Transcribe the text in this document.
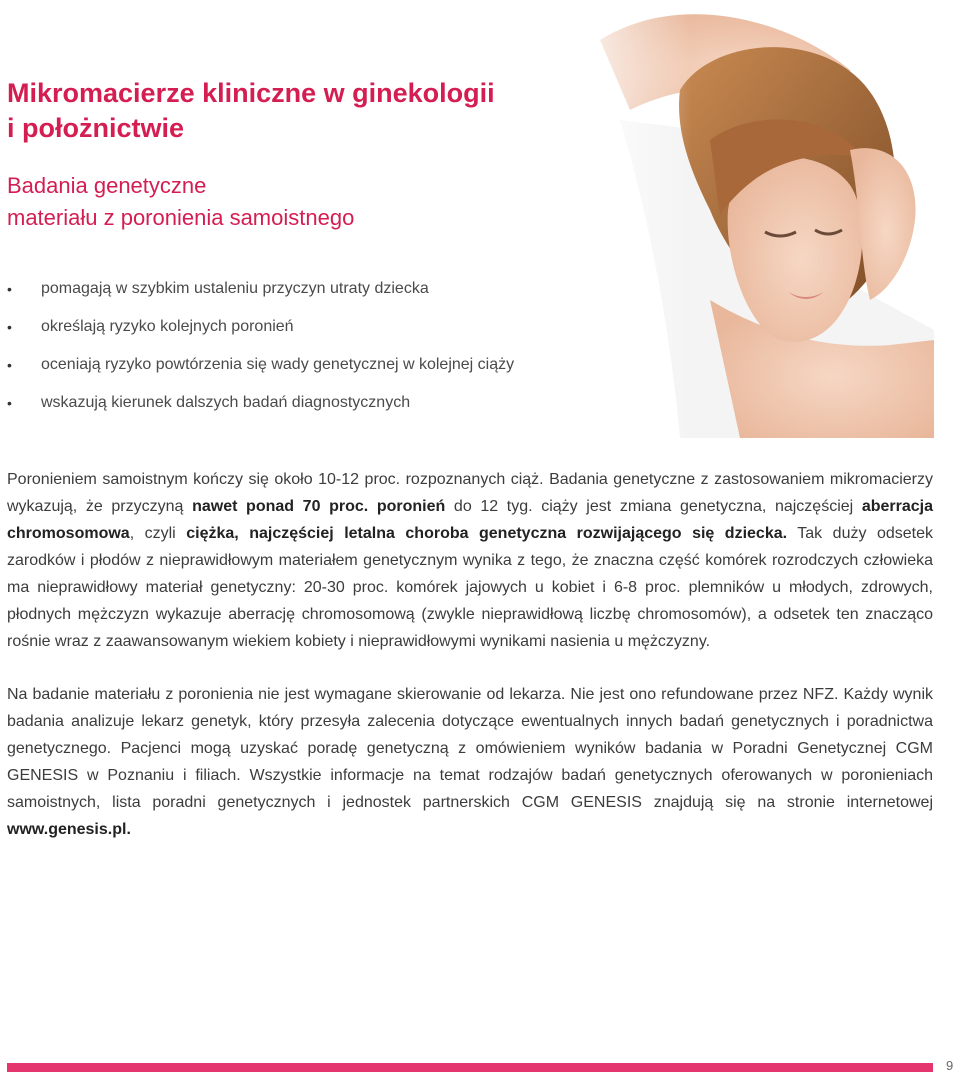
Mikromacierze kliniczne w ginekologii
i położnictwie
Badania genetyczne
materiału z poronienia samoistnego
• pomagają w szybkim ustaleniu przyczyn utraty dziecka
• określają ryzyko kolejnych poronień
• oceniają ryzyko powtórzenia się wady genetycznej w kolejnej ciąży
• wskazują kierunek dalszych badań diagnostycznych

Poronieniem samoistnym kończy się około 10-12 proc. rozpoznanych ciąż. Badania genetyczne z zastosowaniem mikromacierzy wykazują, że przyczyną nawet ponad 70 proc. poronień do 12 tyg. ciąży jest zmiana genetyczna, najczęściej aberracja chromosomowa, czyli ciężka, najczęściej letalna choroba genetyczna rozwijającego się dziecka. Tak duży odsetek zarodków i płodów z nieprawidłowym materiałem genetycznym wynika z tego, że znaczna część komórek rozrodczych człowieka ma nieprawidłowy materiał genetyczny: 20-30 proc. komórek jajowych u kobiet i 6-8 proc. plemników u młodych, zdrowych, płodnych mężczyzn wykazuje aberrację chromosomową (zwykle nieprawidłową liczbę chromosomów), a odsetek ten znacząco rośnie wraz z zaawansowanym wiekiem kobiety i nieprawidłowymi wynikami nasienia u mężczyzny.

Na badanie materiału z poronienia nie jest wymagane skierowanie od lekarza. Nie jest ono refundowane przez NFZ. Każdy wynik badania analizuje lekarz genetyk, który przesyła zalecenia dotyczące ewentualnych innych badań genetycznych i poradnictwa genetycznego. Pacjenci mogą uzyskać poradę genetyczną z omówieniem wyników badania w Poradni Genetycznej CGM GENESIS w Poznaniu i filiach. Wszystkie informacje na temat rodzajów badań genetycznych oferowanych w poronieniach samoistnych, lista poradni genetycznych i jednostek partnerskich CGM GENESIS znajdują się na stronie internetowej www.genesis.pl.

9
